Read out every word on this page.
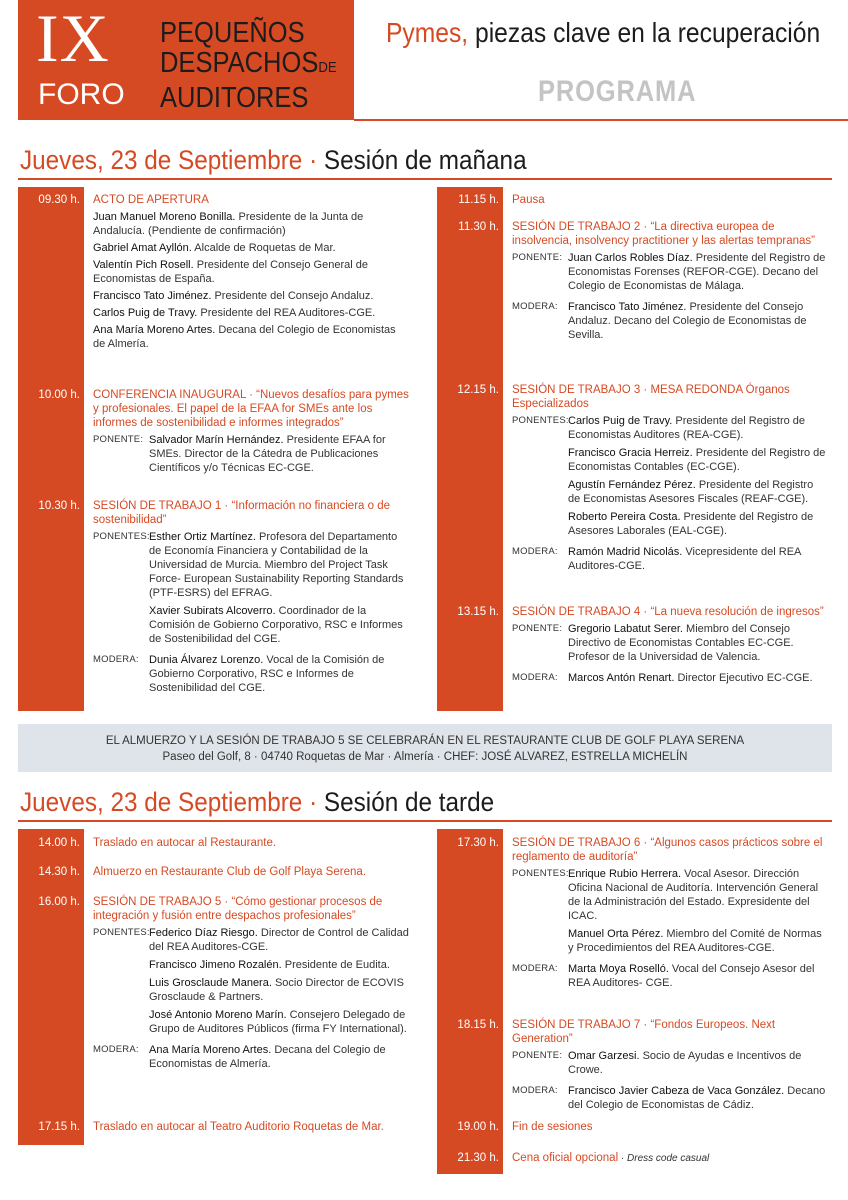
IX
FORO
PEQUEÑOS
DESPACHOSDE
AUDITORES
Pymes, piezas clave en la recuperación
PROGRAMA
Jueves, 23 de Septiembre · Sesión de mañana
09.30 h. ACTO DE APERTURA
Juan Manuel Moreno Bonilla. Presidente de la Junta de Andalucía. (Pendiente de confirmación)
Gabriel Amat Ayllón. Alcalde de Roquetas de Mar.
Valentín Pich Rosell. Presidente del Consejo General de Economistas de España.
Francisco Tato Jiménez. Presidente del Consejo Andaluz.
Carlos Puig de Travy. Presidente del REA Auditores-CGE.
Ana María Moreno Artes. Decana del Colegio de Economistas de Almería.
10.00 h. CONFERENCIA INAUGURAL · “Nuevos desafíos para pymes y profesionales. El papel de la EFAA for SMEs ante los informes de sostenibilidad e informes integrados”
PONENTE: Salvador Marín Hernández. Presidente EFAA for SMEs. Director de la Cátedra de Publicaciones Científicos y/o Técnicas EC-CGE.
10.30 h. SESIÓN DE TRABAJO 1 · “Información no financiera o de sostenibilidad”
PONENTES: Esther Ortiz Martínez. Profesora del Departamento de Economía Financiera y Contabilidad de la Universidad de Murcia. Miembro del Project Task Force- European Sustainability Reporting Standards (PTF-ESRS) del EFRAG.
Xavier Subirats Alcoverro. Coordinador de la Comisión de Gobierno Corporativo, RSC e Informes de Sostenibilidad del CGE.
MODERA: Dunia Álvarez Lorenzo. Vocal de la Comisión de Gobierno Corporativo, RSC e Informes de Sostenibilidad del CGE.
11.15 h. Pausa
11.30 h. SESIÓN DE TRABAJO 2 · “La directiva europea de insolvencia, insolvency practitioner y las alertas tempranas”
PONENTE: Juan Carlos Robles Díaz. Presidente del Registro de Economistas Forenses (REFOR-CGE). Decano del Colegio de Economistas de Málaga.
MODERA: Francisco Tato Jiménez. Presidente del Consejo Andaluz. Decano del Colegio de Economistas de Sevilla.
12.15 h. SESIÓN DE TRABAJO 3 · MESA REDONDA Órganos Especializados
PONENTES: Carlos Puig de Travy. Presidente del Registro de Economistas Auditores (REA-CGE).
Francisco Gracia Herreiz. Presidente del Registro de Economistas Contables (EC-CGE).
Agustín Fernández Pérez. Presidente del Registro de Economistas Asesores Fiscales (REAF-CGE).
Roberto Pereira Costa. Presidente del Registro de Asesores Laborales (EAL-CGE).
MODERA: Ramón Madrid Nicolás. Vicepresidente del REA Auditores-CGE.
13.15 h. SESIÓN DE TRABAJO 4 · “La nueva resolución de ingresos”
PONENTE: Gregorio Labatut Serer. Miembro del Consejo Directivo de Economistas Contables EC-CGE. Profesor de la Universidad de Valencia.
MODERA: Marcos Antón Renart. Director Ejecutivo EC-CGE.
EL ALMUERZO Y LA SESIÓN DE TRABAJO 5 SE CELEBRARÁN EN EL RESTAURANTE CLUB DE GOLF PLAYA SERENA
Paseo del Golf, 8 · 04740 Roquetas de Mar · Almería · CHEF: JOSÉ ALVAREZ, ESTRELLA MICHELÍN
Jueves, 23 de Septiembre · Sesión de tarde
14.00 h. Traslado en autocar al Restaurante.
14.30 h. Almuerzo en Restaurante Club de Golf Playa Serena.
16.00 h. SESIÓN DE TRABAJO 5 · “Cómo gestionar procesos de integración y fusión entre despachos profesionales”
PONENTES: Federico Díaz Riesgo. Director de Control de Calidad del REA Auditores-CGE.
Francisco Jimeno Rozalén. Presidente de Eudita.
Luis Grosclaude Manera. Socio Director de ECOVIS Grosclaude & Partners.
José Antonio Moreno Marín. Consejero Delegado de Grupo de Auditores Públicos (firma FY International).
MODERA: Ana María Moreno Artes. Decana del Colegio de Economistas de Almería.
17.15 h. Traslado en autocar al Teatro Auditorio Roquetas de Mar.
17.30 h. SESIÓN DE TRABAJO 6 · “Algunos casos prácticos sobre el reglamento de auditoría”
PONENTES: Enrique Rubio Herrera. Vocal Asesor. Dirección Oficina Nacional de Auditoría. Intervención General de la Administración del Estado. Expresidente del ICAC.
Manuel Orta Pérez. Miembro del Comité de Normas y Procedimientos del REA Auditores-CGE.
MODERA: Marta Moya Roselló. Vocal del Consejo Asesor del REA Auditores- CGE.
18.15 h. SESIÓN DE TRABAJO 7 · “Fondos Europeos. Next Generation”
PONENTE: Omar Garzesi. Socio de Ayudas e Incentivos de Crowe.
MODERA: Francisco Javier Cabeza de Vaca González. Decano del Colegio de Economistas de Cádiz.
19.00 h. Fin de sesiones
21.30 h. Cena oficial opcional · Dress code casual
